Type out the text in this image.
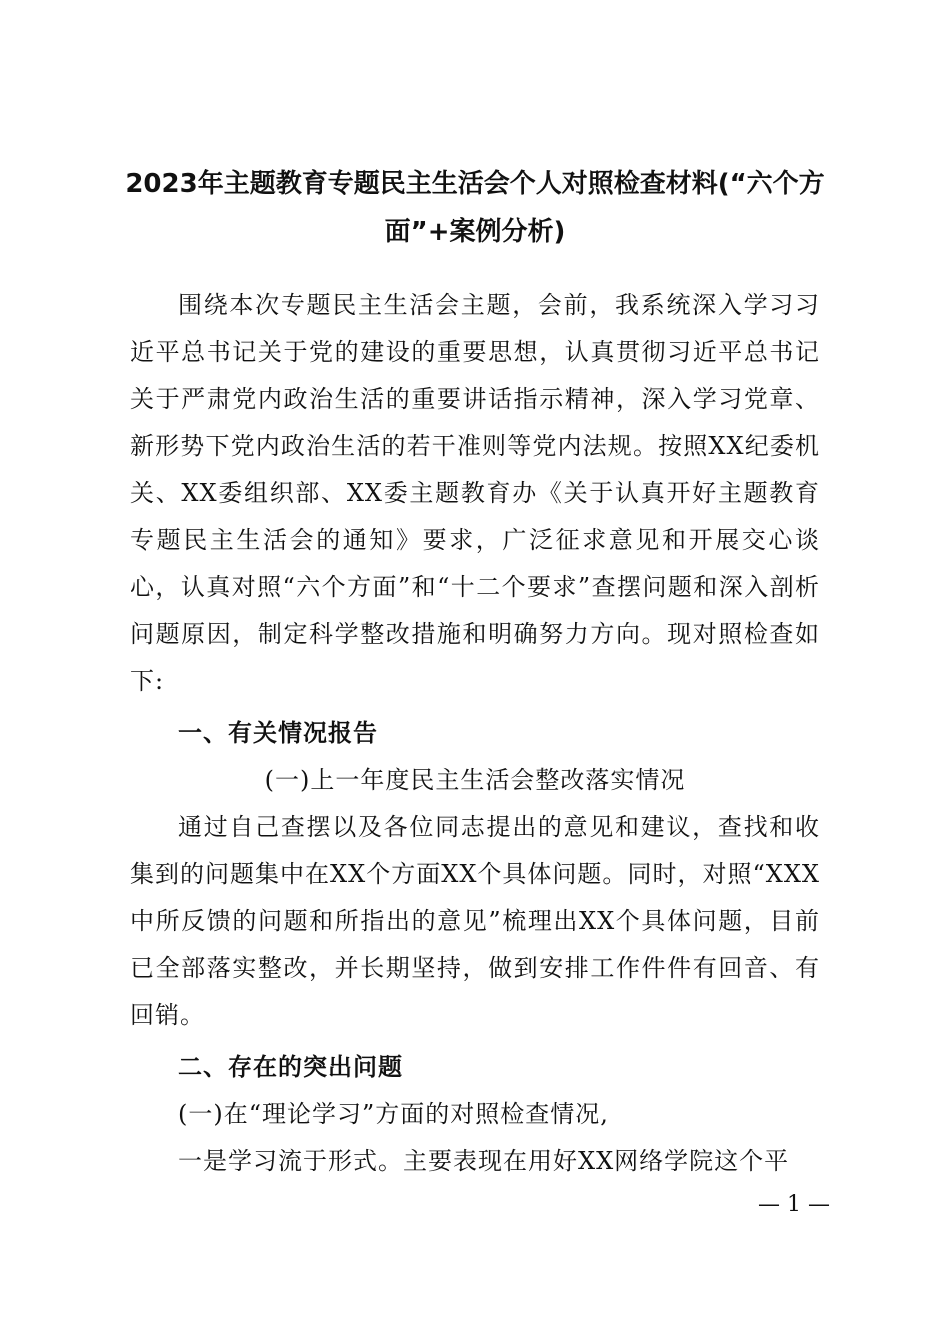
2023年主题教育专题民主生活会个人对照检查材料(“六个方面”+案例分析)

围绕本次专题民主生活会主题，会前，我系统深入学习习近平总书记关于党的建设的重要思想，认真贯彻习近平总书记关于严肃党内政治生活的重要讲话指示精神，深入学习党章、新形势下党内政治生活的若干准则等党内法规。按照XX纪委机关、XX委组织部、XX委主题教育办《关于认真开好主题教育专题民主生活会的通知》要求，广泛征求意见和开展交心谈心，认真对照“六个方面”和“十二个要求”查摆问题和深入剖析问题原因，制定科学整改措施和明确努力方向。现对照检查如下:

一、有关情况报告

(一)上一年度民主生活会整改落实情况

通过自己查摆以及各位同志提出的意见和建议，查找和收集到的问题集中在XX个方面XX个具体问题。同时，对照“XXX中所反馈的问题和所指出的意见”梳理出XX个具体问题，目前已全部落实整改，并长期坚持，做到安排工作件件有回音、有回销。

二、存在的突出问题

(一)在“理论学习”方面的对照检查情况,

一是学习流于形式。主要表现在用好XX网络学院这个平

— 1 —
